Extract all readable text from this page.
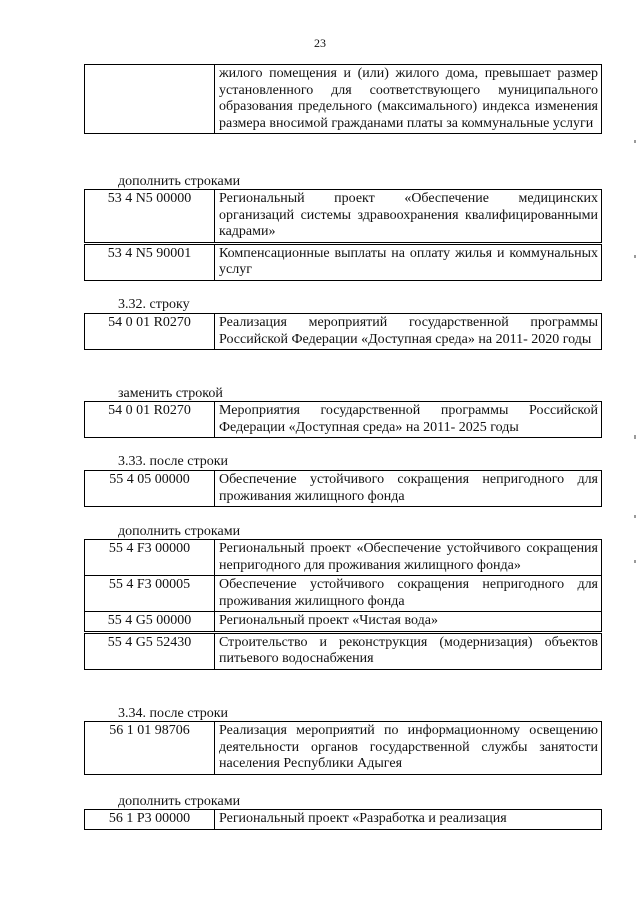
23
	жилого помещения и (или) жилого дома, превышает размер установленного для соответствующего муниципального образования предельного (максимального) индекса изменения размера вносимой гражданами платы за коммунальные услуги
дополнить строками
53 4 N5 00000	Региональный проект «Обеспечение медицинских организаций системы здравоохранения квалифицированными кадрами»
53 4 N5 90001	Компенсационные выплаты на оплату жилья и коммунальных услуг
3.32. строку
54 0 01 R0270	Реализация мероприятий государственной программы Российской Федерации «Доступная среда» на 2011- 2020 годы
заменить строкой
54 0 01 R0270	Мероприятия государственной программы Российской Федерации «Доступная среда» на 2011- 2025 годы
3.33. после строки
55 4 05 00000	Обеспечение устойчивого сокращения непригодного для проживания жилищного фонда
дополнить строками
55 4 F3 00000	Региональный проект «Обеспечение устойчивого сокращения непригодного для проживания жилищного фонда»
55 4 F3 00005	Обеспечение устойчивого сокращения непригодного для проживания жилищного фонда
55 4 G5 00000	Региональный проект «Чистая вода»
55 4 G5 52430	Строительство и реконструкция (модернизация) объектов питьевого водоснабжения
3.34. после строки
56 1 01 98706	Реализация мероприятий по информационному освещению деятельности органов государственной службы занятости населения Республики Адыгея
дополнить строками
56 1 P3 00000	Региональный проект «Разработка и реализация
